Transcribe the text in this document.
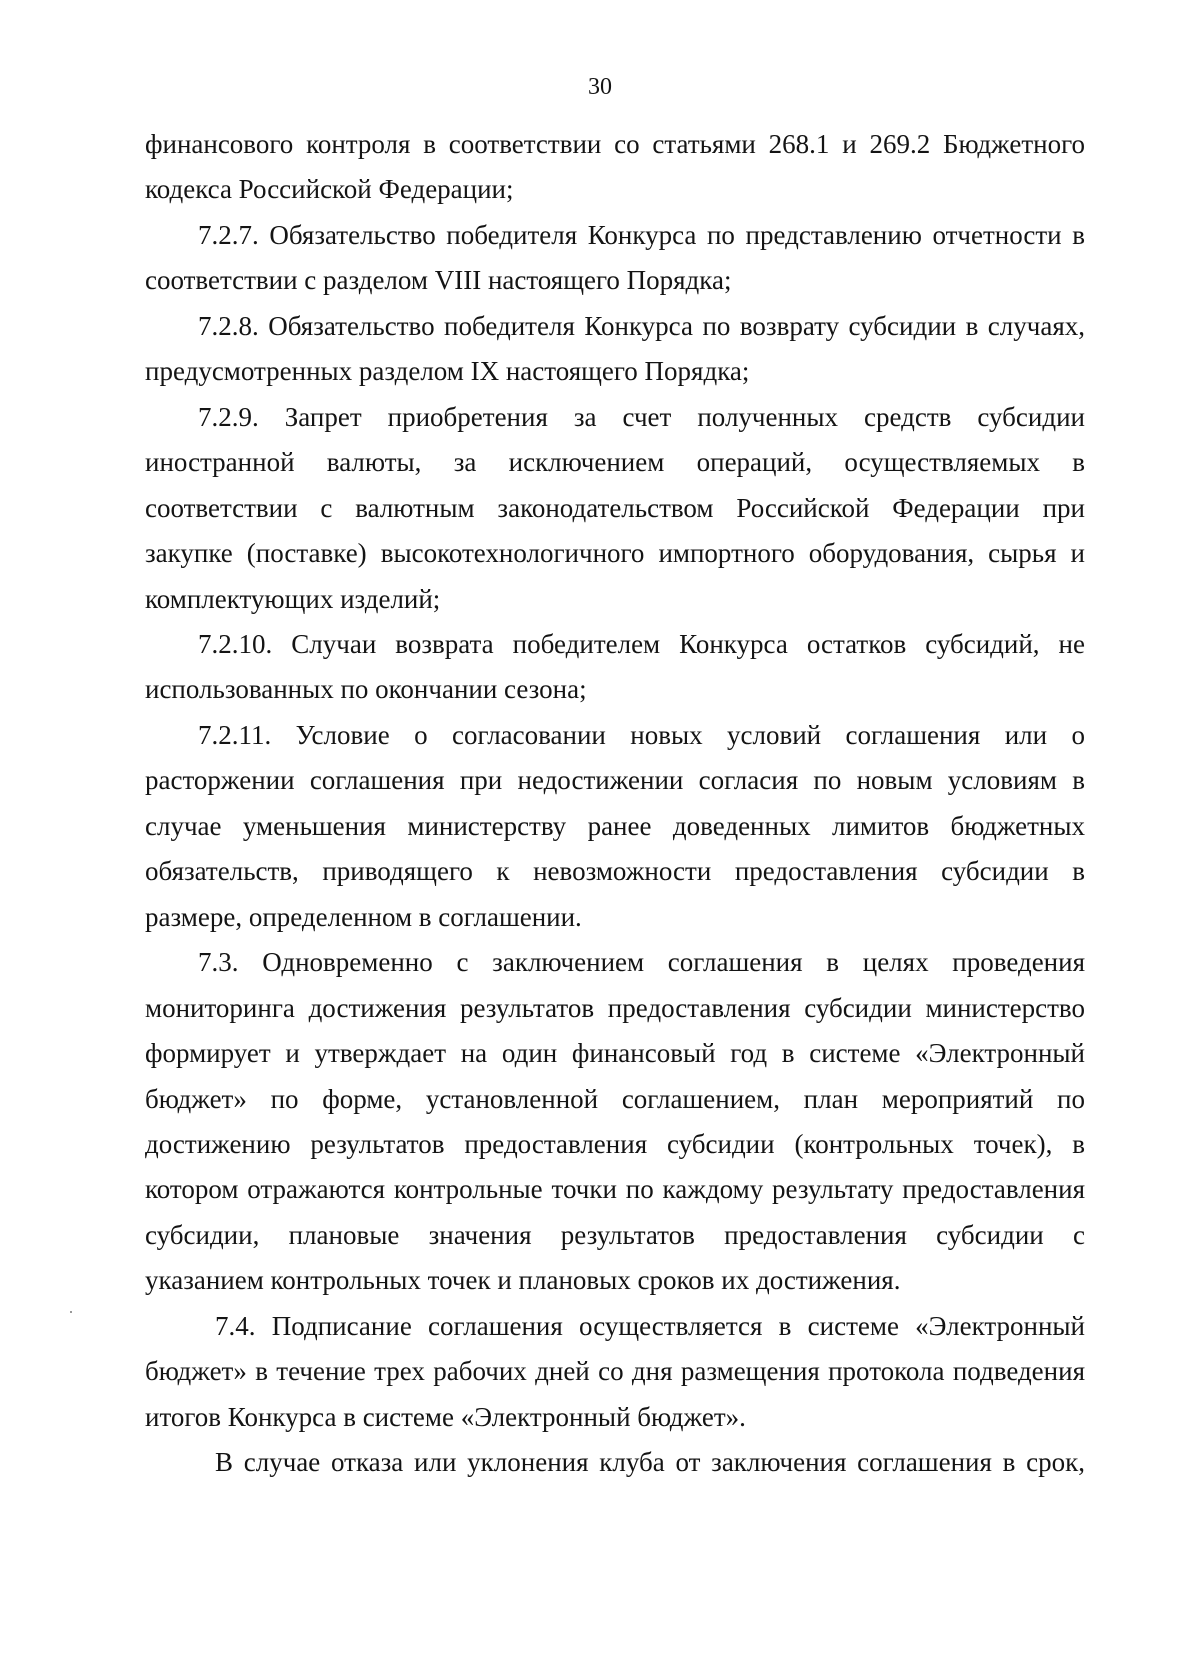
30
финансового контроля в соответствии со статьями 268.1 и 269.2 Бюджетного
кодекса Российской Федерации;
7.2.7. Обязательство победителя Конкурса по представлению отчетности в
соответствии с разделом VIII настоящего Порядка;
7.2.8. Обязательство победителя Конкурса по возврату субсидии в случаях,
предусмотренных разделом IX настоящего Порядка;
7.2.9. Запрет приобретения за счет полученных средств субсидии
иностранной валюты, за исключением операций, осуществляемых в
соответствии с валютным законодательством Российской Федерации при
закупке (поставке) высокотехнологичного импортного оборудования, сырья и
комплектующих изделий;
7.2.10. Случаи возврата победителем Конкурса остатков субсидий, не
использованных по окончании сезона;
7.2.11. Условие о согласовании новых условий соглашения или о
расторжении соглашения при недостижении согласия по новым условиям в
случае уменьшения министерству ранее доведенных лимитов бюджетных
обязательств, приводящего к невозможности предоставления субсидии в
размере, определенном в соглашении.
7.3. Одновременно с заключением соглашения в целях проведения
мониторинга достижения результатов предоставления субсидии министерство
формирует и утверждает на один финансовый год в системе «Электронный
бюджет» по форме, установленной соглашением, план мероприятий по
достижению результатов предоставления субсидии (контрольных точек), в
котором отражаются контрольные точки по каждому результату предоставления
субсидии, плановые значения результатов предоставления субсидии с
указанием контрольных точек и плановых сроков их достижения.
7.4. Подписание соглашения осуществляется в системе «Электронный
бюджет» в течение трех рабочих дней со дня размещения протокола подведения
итогов Конкурса в системе «Электронный бюджет».
В случае отказа или уклонения клуба от заключения соглашения в срок,
